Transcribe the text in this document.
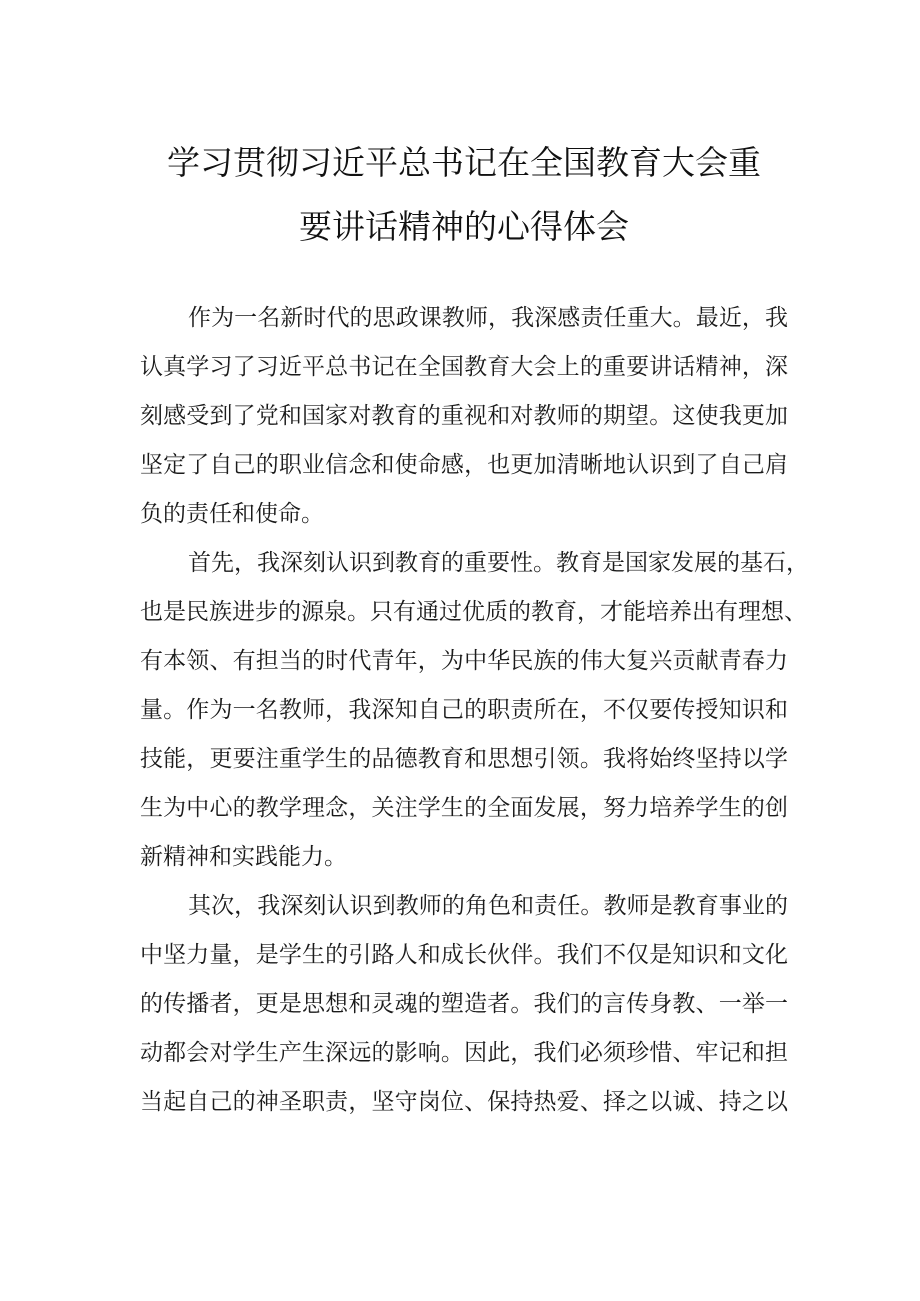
学习贯彻习近平总书记在全国教育大会重
要讲话精神的心得体会
作为一名新时代的思政课教师，我深感责任重大。最近，我
认真学习了习近平总书记在全国教育大会上的重要讲话精神，深
刻感受到了党和国家对教育的重视和对教师的期望。这使我更加
坚定了自己的职业信念和使命感，也更加清晰地认识到了自己肩
负的责任和使命。
首先，我深刻认识到教育的重要性。教育是国家发展的基石，
也是民族进步的源泉。只有通过优质的教育，才能培养出有理想、
有本领、有担当的时代青年，为中华民族的伟大复兴贡献青春力
量。作为一名教师，我深知自己的职责所在，不仅要传授知识和
技能，更要注重学生的品德教育和思想引领。我将始终坚持以学
生为中心的教学理念，关注学生的全面发展，努力培养学生的创
新精神和实践能力。
其次，我深刻认识到教师的角色和责任。教师是教育事业的
中坚力量，是学生的引路人和成长伙伴。我们不仅是知识和文化
的传播者，更是思想和灵魂的塑造者。我们的言传身教、一举一
动都会对学生产生深远的影响。因此，我们必须珍惜、牢记和担
当起自己的神圣职责，坚守岗位、保持热爱、择之以诚、持之以
